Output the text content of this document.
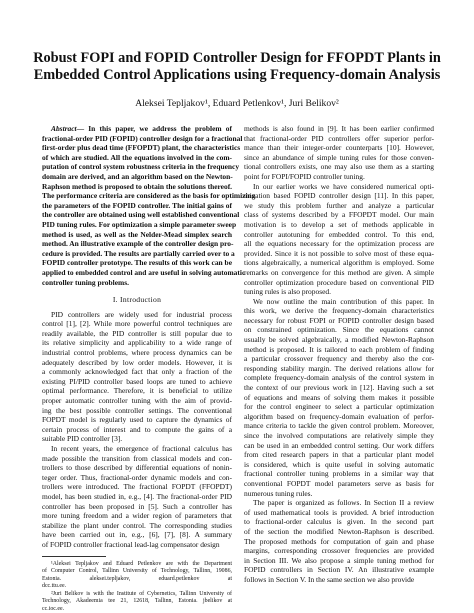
Robust FOPI and FOPID Controller Design for FFOPDT Plants in
Embedded Control Applications using Frequency-domain Analysis
Aleksei Tepljakov¹, Eduard Petlenkov¹, Juri Belikov²
Abstract— In this paper, we address the problem of
fractional-order PID (FOPID) controller design for a fractional
first-order plus dead time (FFOPDT) plant, the characteristics
of which are studied. All the equations involved in the com-
putation of control system robustness criteria in the frequency
domain are derived, and an algorithm based on the Newton-
Raphson method is proposed to obtain the solutions thereof.
The performance criteria are considered as the basis for optimizing
the parameters of the FOPID controller. The initial gains of
the controller are obtained using well established conventional
PID tuning rules. For optimization a simple parameter sweep
method is used, as well as the Nelder-Mead simplex search
method. An illustrative example of the controller design pro-
cedure is provided. The results are partially carried over to a
FOPID controller prototype. The results of this work can be
applied to embedded control and are useful in solving automatic
controller tuning problems.
I. Introduction
PID controllers are widely used for industrial process
control [1], [2]. While more powerful control techniques are
readily available, the PID controller is still popular due to
its relative simplicity and applicability to a wide range of
industrial control problems, where process dynamics can be
adequately described by low order models. However, it is
a commonly acknowledged fact that only a fraction of the
existing PI/PID controller based loops are tuned to achieve
optimal performance. Therefore, it is beneficial to utilize
proper automatic controller tuning with the aim of provid-
ing the best possible controller settings. The conventional
FOPDT model is regularly used to capture the dynamics of
certain process of interest and to compute the gains of a
suitable PID controller [3].
In recent years, the emergence of fractional calculus has
made possible the transition from classical models and con-
trollers to those described by differential equations of nonin-
teger order. Thus, fractional-order dynamic models and con-
trollers were introduced. The fractional FOPDT (FFOPDT)
model, has been studied in, e.g., [4]. The fractional-order PID
controller has been proposed in [5]. Such a controller has
more tuning freedom and a wider region of parameters that
stabilize the plant under control. The corresponding studies
have been carried out in, e.g., [6], [7], [8]. A summary
of FOPID controller fractional lead-lag compensator design
¹Aleksei Tepljakov and Eduard Petlenkov are with the Department
of Computer Control, Tallinn University of Technology, Tallinn, 19086,
Estonia. aleksei.tepljakov, eduard.petlenkov at
dcc.ttu.ee.
²Juri Belikov is with the Institute of Cybernetics, Tallinn University of
Technology, Akadeemia tee 21, 12618, Tallinn, Estonia. jbelikov at
cc.ioc.ee.
methods is also found in [9]. It has been earlier confirmed
that fractional-order PID controllers offer superior perfor-
mance than their integer-order counterparts [10]. However,
since an abundance of simple tuning rules for those conven-
tional controllers exists, one may also use them as a starting
point for FOPI/FOPID controller tuning.
In our earlier works we have considered numerical opti-
mization based FOPID controller design [11]. In this paper,
we study this problem further and analyze a particular
class of systems described by a FFOPDT model. Our main
motivation is to develop a set of methods applicable in
controller autotuning for embedded control. To this end,
all the equations necessary for the optimization process are
provided. Since it is not possible to solve most of these equa-
tions algebraically, a numerical algorithm is employed. Some
remarks on convergence for this method are given. A simple
controller optimization procedure based on conventional PID
tuning rules is also proposed.
We now outline the main contribution of this paper. In
this work, we derive the frequency-domain characteristics
necessary for robust FOPI or FOPID controller design based
on constrained optimization. Since the equations cannot
usually be solved algebraically, a modified Newton-Raphson
method is proposed. It is tailored to each problem of finding
a particular crossover frequency and thereby also the cor-
responding stability margin. The derived relations allow for
complete frequency-domain analysis of the control system in
the context of our previous work in [12]. Having such a set
of equations and means of solving them makes it possible
for the control engineer to select a particular optimization
algorithm based on frequency-domain evaluation of perfor-
mance criteria to tackle the given control problem. Moreover,
since the involved computations are relatively simple they
can be used in an embedded control setting. Our work differs
from cited research papers in that a particular plant model
is considered, which is quite useful in solving automatic
fractional controller tuning problems in a similar way that
conventional FOPDT model parameters serve as basis for
numerous tuning rules.
The paper is organized as follows. In Section II a review
of used mathematical tools is provided. A brief introduction
to fractional-order calculus is given. In the second part
of the section the modified Newton-Raphson is described.
The proposed methods for computation of gain and phase
margins, corresponding crossover frequencies are provided
in Section III. We also propose a simple tuning method for
FOPID controllers in Section IV. An illustrative example
follows in Section V. In the same section we also provide
